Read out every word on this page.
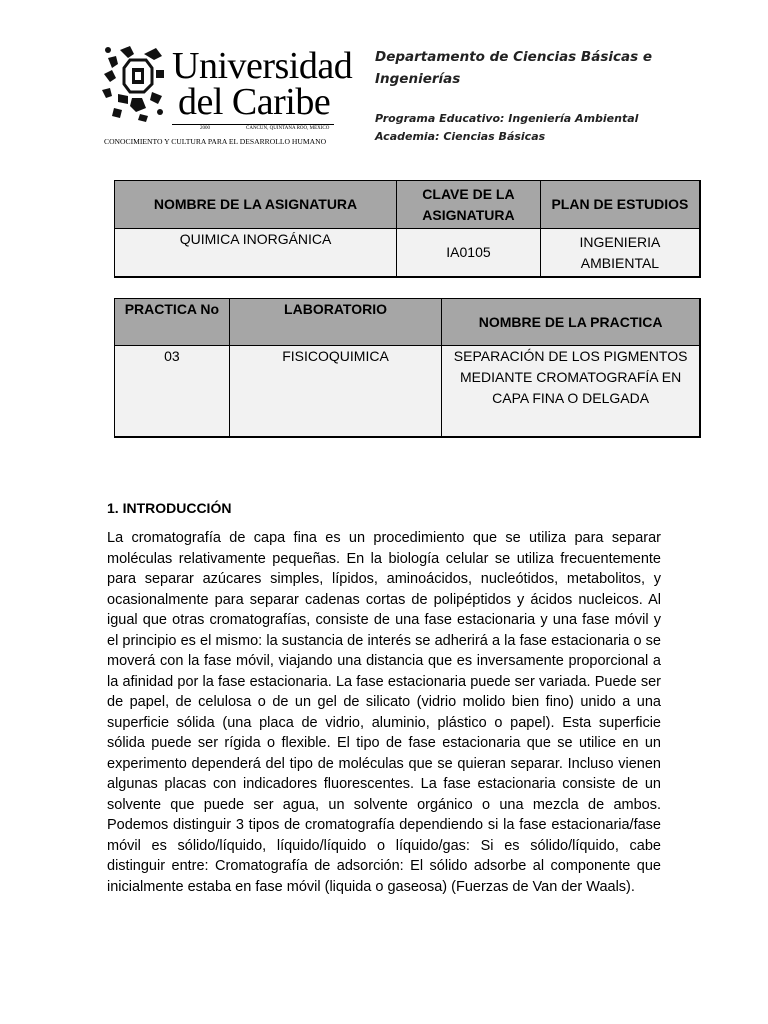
Universidad
del Caribe
2000	CANCÚN, QUINTANA ROO, MÉXICO
CONOCIMIENTO Y CULTURA PARA EL DESARROLLO HUMANO
Departamento de Ciencias Básicas e Ingenierías
Programa Educativo: Ingeniería Ambiental
Academia: Ciencias Básicas
NOMBRE DE LA ASIGNATURA	CLAVE DE LA ASIGNATURA	PLAN DE ESTUDIOS
QUIMICA INORGÁNICA	IA0105	INGENIERIA AMBIENTAL
PRACTICA No	LABORATORIO	NOMBRE DE LA PRACTICA
03	FISICOQUIMICA	SEPARACIÓN DE LOS PIGMENTOS MEDIANTE CROMATOGRAFÍA EN CAPA FINA O DELGADA
1. INTRODUCCIÓN
La cromatografía de capa fina es un procedimiento que se utiliza para separar moléculas relativamente pequeñas. En la biología celular se utiliza frecuentemente para separar azúcares simples, lípidos, aminoácidos, nucleótidos, metabolitos, y ocasionalmente para separar cadenas cortas de polipéptidos y ácidos nucleicos. Al igual que otras cromatografías, consiste de una fase estacionaria y una fase móvil y el principio es el mismo: la sustancia de interés se adherirá a la fase estacionaria o se moverá con la fase móvil, viajando una distancia que es inversamente proporcional a la afinidad por la fase estacionaria. La fase estacionaria puede ser variada. Puede ser de papel, de celulosa o de un gel de silicato (vidrio molido bien fino) unido a una superficie sólida (una placa de vidrio, aluminio, plástico o papel). Esta superficie sólida puede ser rígida o flexible. El tipo de fase estacionaria que se utilice en un experimento dependerá del tipo de moléculas que se quieran separar. Incluso vienen algunas placas con indicadores fluorescentes. La fase estacionaria consiste de un solvente que puede ser agua, un solvente orgánico o una mezcla de ambos. Podemos distinguir 3 tipos de cromatografía dependiendo si la fase estacionaria/fase móvil es sólido/líquido, líquido/líquido o líquido/gas: Si es sólido/líquido, cabe distinguir entre: Cromatografía de adsorción: El sólido adsorbe al componente que inicialmente estaba en fase móvil (liquida o gaseosa) (Fuerzas de Van der Waals).
